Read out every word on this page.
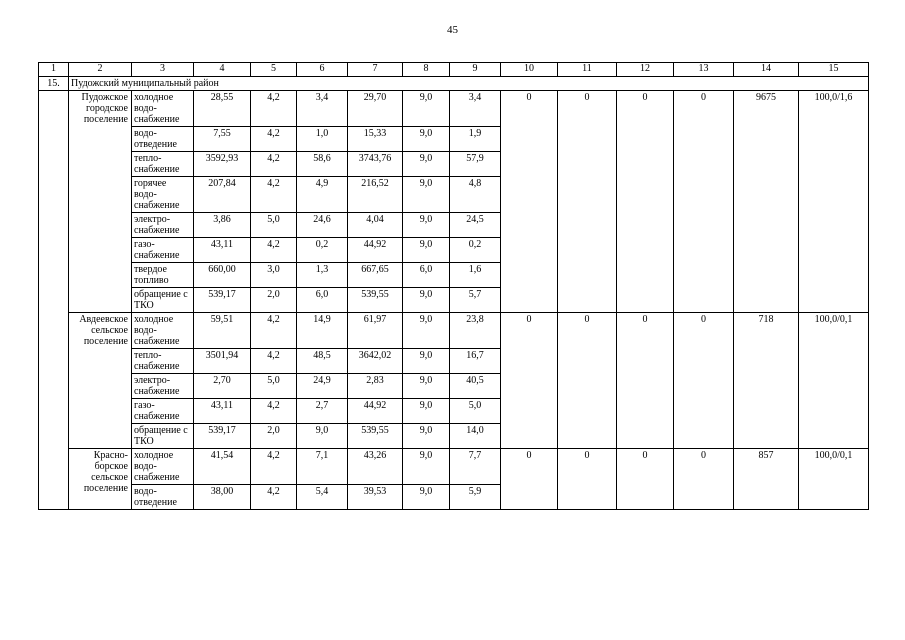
45
1	2	3	4	5	6	7	8	9	10	11	12	13	14	15
15.	Пудожский муниципальный район													
	Пудожское городское поселение	холодное водо-снабжение	28,55	4,2	3,4	29,70	9,0	3,4	0	0	0	0	9675	100,0/1,6
		водо-отведение	7,55	4,2	1,0	15,33	9,0	1,9						
		тепло-снабжение	3592,93	4,2	58,6	3743,76	9,0	57,9						
		горячее водо-снабжение	207,84	4,2	4,9	216,52	9,0	4,8						
		электро-снабжение	3,86	5,0	24,6	4,04	9,0	24,5						
		газо-снабжение	43,11	4,2	0,2	44,92	9,0	0,2						
		твердое топливо	660,00	3,0	1,3	667,65	6,0	1,6						
		обращение с ТКО	539,17	2,0	6,0	539,55	9,0	5,7						
	Авдеевское сельское поселение	холодное водо-снабжение	59,51	4,2	14,9	61,97	9,0	23,8	0	0	0	0	718	100,0/0,1
		тепло-снабжение	3501,94	4,2	48,5	3642,02	9,0	16,7						
		электро-снабжение	2,70	5,0	24,9	2,83	9,0	40,5						
		газо-снабжение	43,11	4,2	2,7	44,92	9,0	5,0						
		обращение с ТКО	539,17	2,0	9,0	539,55	9,0	14,0						
	Красно-борское сельское поселение	холодное водо-снабжение	41,54	4,2	7,1	43,26	9,0	7,7	0	0	0	0	857	100,0/0,1
		водо-отведение	38,00	4,2	5,4	39,53	9,0	5,9						
